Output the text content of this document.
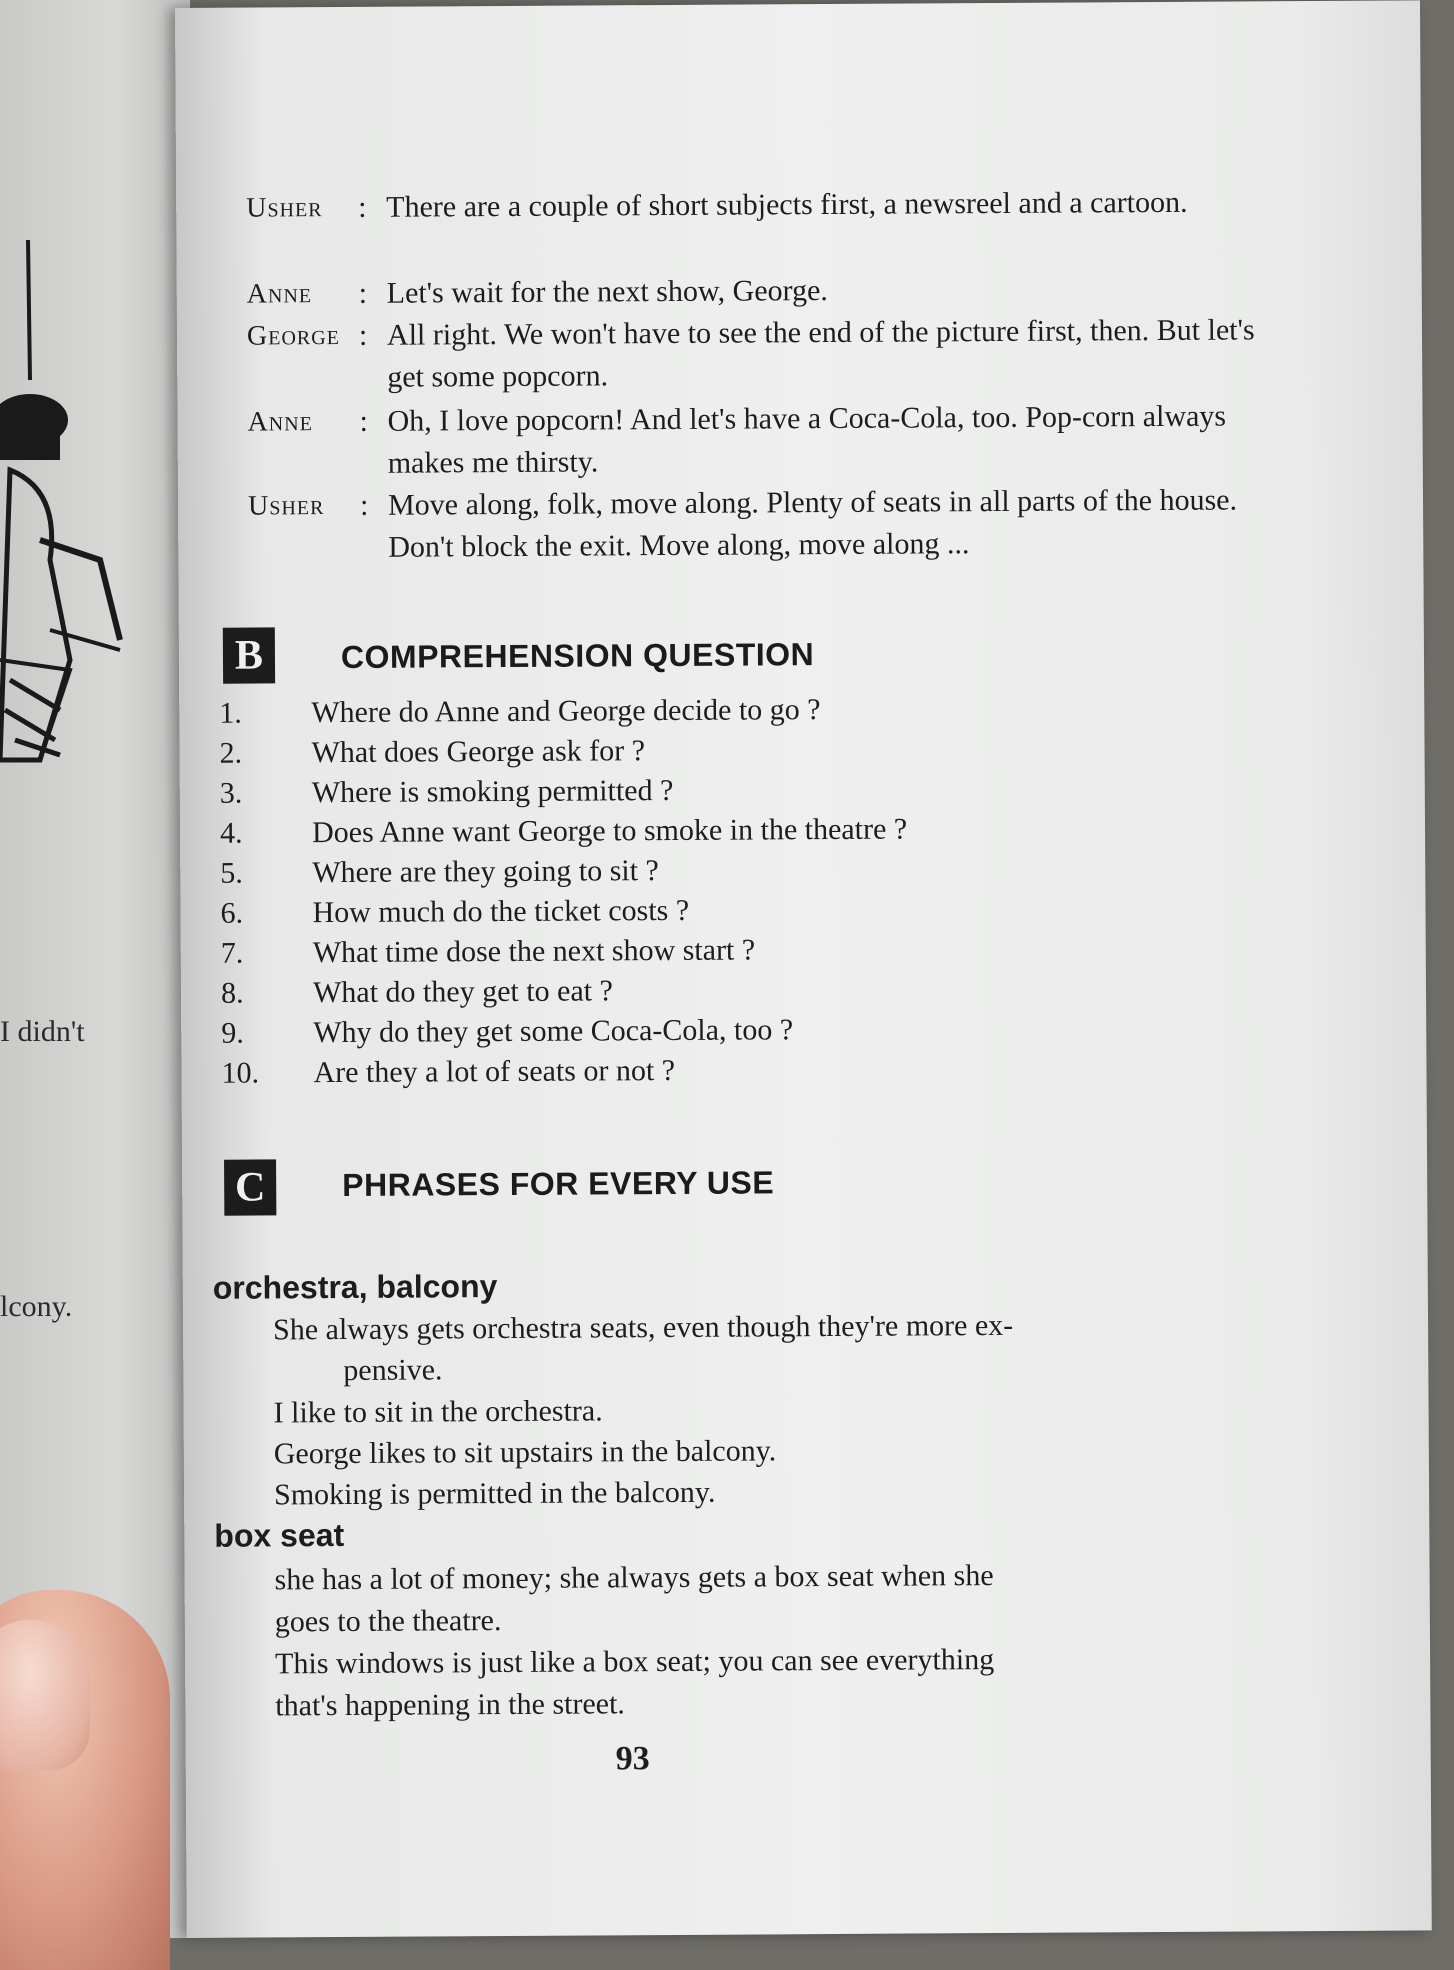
I didn't
lcony.

Usher	: There are a couple of short subjects first, a newsreel and a cartoon.
Anne	: Let's wait for the next show, George.
George : All right. We won't have to see the end of the picture first, then. But let's get some popcorn.
Anne	: Oh, I love popcorn! And let's have a Coca-Cola, too. Pop-corn always makes me thirsty.
Usher	: Move along, folk, move along. Plenty of seats in all parts of the house. Don't block the exit. Move along, move along ...
B	COMPREHENSION QUESTION
1.	Where do Anne and George decide to go ?
2.	What does George ask for ?
3.	Where is smoking permitted ?
4.	Does Anne want George to smoke in the theatre ?
5.	Where are they going to sit ?
6.	How much do the ticket costs ?
7.	What time dose the next show start ?
8.	What do they get to eat ?
9.	Why do they get some Coca-Cola, too ?
10.	Are they a lot of seats or not ?
C	PHRASES FOR EVERY USE
orchestra, balcony
She always gets orchestra seats, even though they're more ex-
pensive.
I like to sit in the orchestra.
George likes to sit upstairs in the balcony.
Smoking is permitted in the balcony.
box seat
she has a lot of money; she always gets a box seat when she
goes to the theatre.
This windows is just like a box seat; you can see everything
that's happening in the street.
93
